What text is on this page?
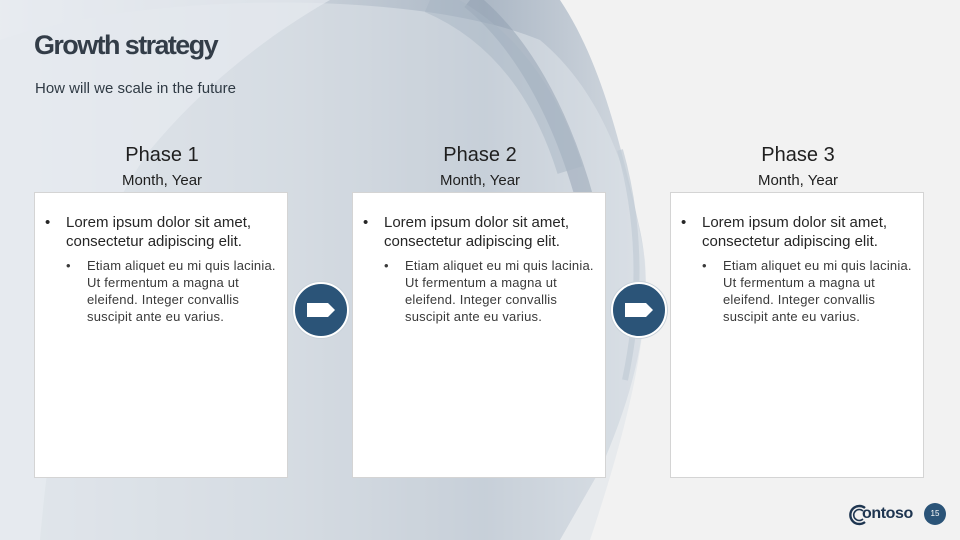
Growth strategy
How will we scale in the future
Phase 1
Month, Year
Phase 2
Month, Year
Phase 3
Month, Year
• Lorem ipsum dolor sit amet, consectetur adipiscing elit.
• Etiam aliquet eu mi quis lacinia. Ut fermentum a magna ut eleifend. Integer convallis suscipit ante eu varius.
• Lorem ipsum dolor sit amet, consectetur adipiscing elit.
• Etiam aliquet eu mi quis lacinia. Ut fermentum a magna ut eleifend. Integer convallis suscipit ante eu varius.
• Lorem ipsum dolor sit amet, consectetur adipiscing elit.
• Etiam aliquet eu mi quis lacinia. Ut fermentum a magna ut eleifend. Integer convallis suscipit ante eu varius.
ontoso	15
